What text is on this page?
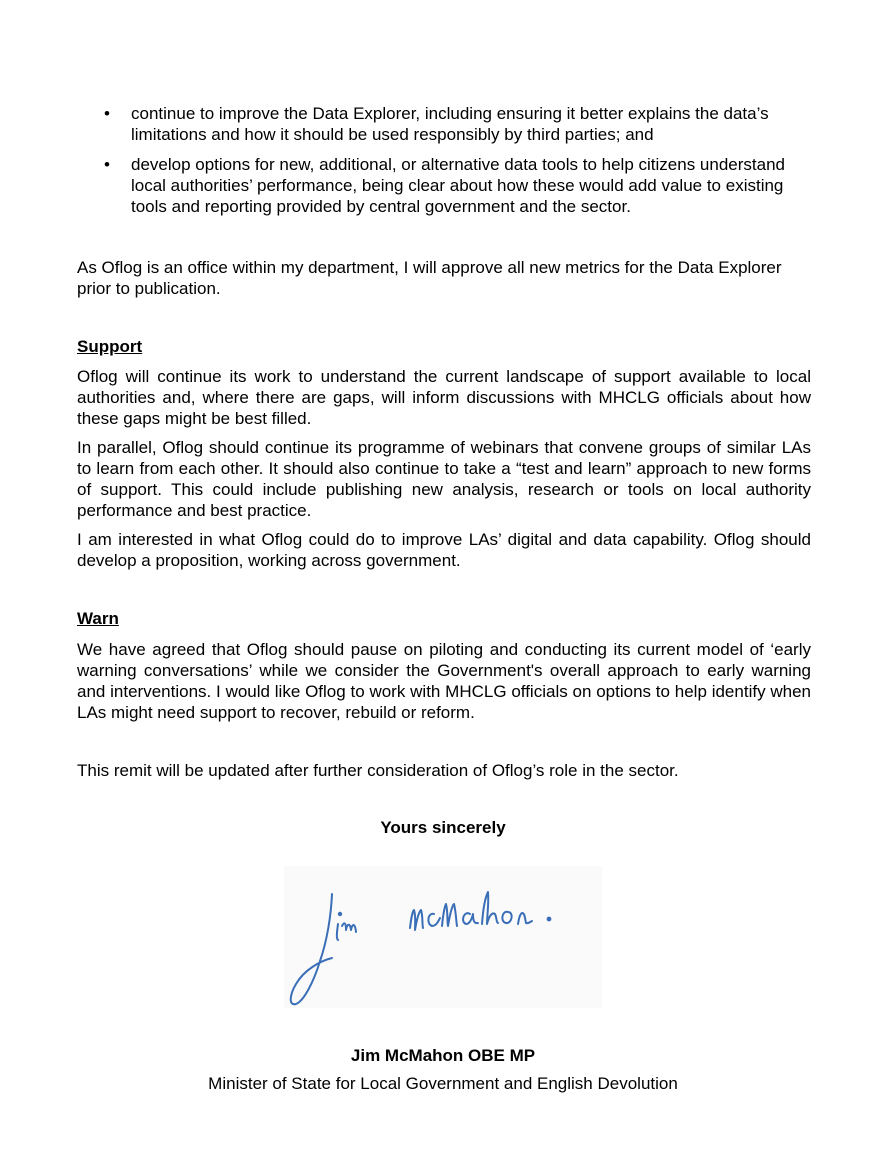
• continue to improve the Data Explorer, including ensuring it better explains the data’s limitations and how it should be used responsibly by third parties; and
• develop options for new, additional, or alternative data tools to help citizens understand local authorities’ performance, being clear about how these would add value to existing tools and reporting provided by central government and the sector.

As Oflog is an office within my department, I will approve all new metrics for the Data Explorer prior to publication.

Support

Oflog will continue its work to understand the current landscape of support available to local authorities and, where there are gaps, will inform discussions with MHCLG officials about how these gaps might be best filled.

In parallel, Oflog should continue its programme of webinars that convene groups of similar LAs to learn from each other. It should also continue to take a “test and learn” approach to new forms of support. This could include publishing new analysis, research or tools on local authority performance and best practice.

I am interested in what Oflog could do to improve LAs’ digital and data capability. Oflog should develop a proposition, working across government.

Warn

We have agreed that Oflog should pause on piloting and conducting its current model of ‘early warning conversations’ while we consider the Government's overall approach to early warning and interventions. I would like Oflog to work with MHCLG officials on options to help identify when LAs might need support to recover, rebuild or reform.

This remit will be updated after further consideration of Oflog’s role in the sector.

Yours sincerely

Jim McMahon OBE MP

Minister of State for Local Government and English Devolution
